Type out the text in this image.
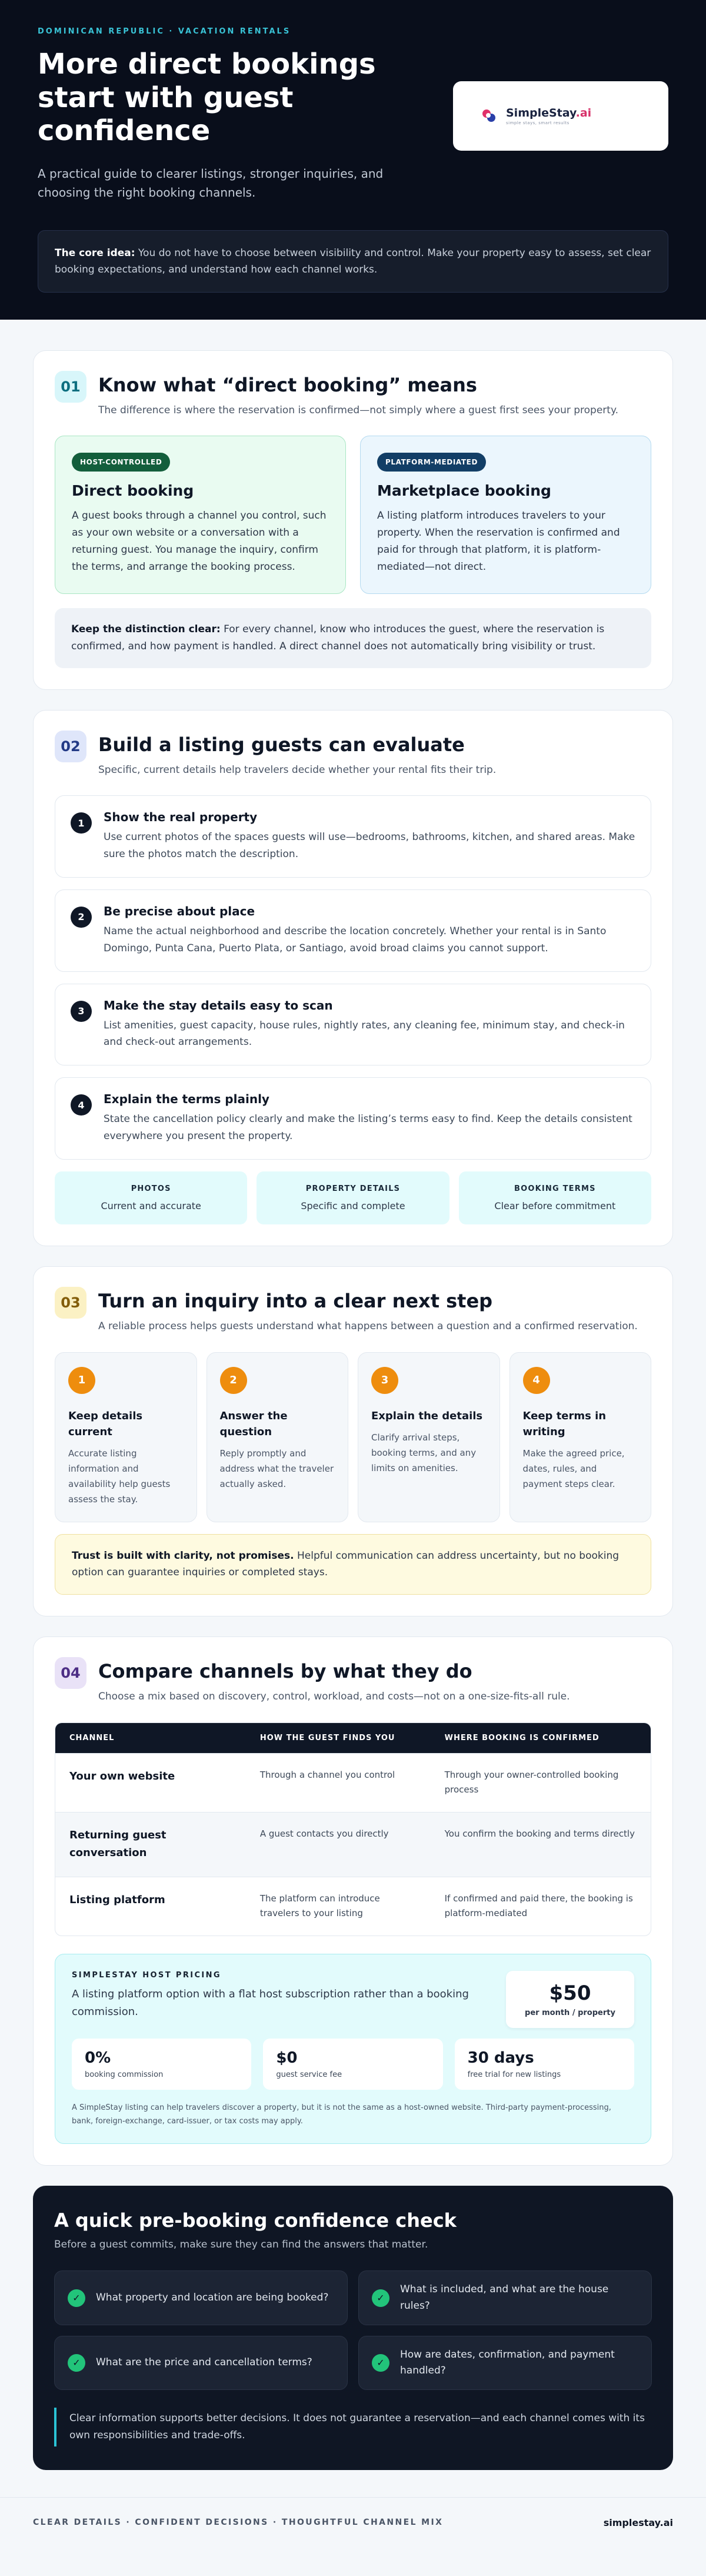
DOMINICAN REPUBLIC · VACATION RENTALS
More direct bookings start with guest confidence

A practical guide to clearer listings, stronger inquiries, and choosing the right booking channels.

SimpleStay.ai
simple stays, smart results
The core idea: You do not have to choose between visibility and control. Make your property easy to assess, set clear booking expectations, and understand how each channel works.
01 Know what “direct booking” means

The difference is where the reservation is confirmed—not simply where a guest first sees your property.

HOST-CONTROLLED
Direct booking

A guest books through a channel you control, such as your own website or a conversation with a returning guest. You manage the inquiry, confirm the terms, and arrange the booking process.

PLATFORM-MEDIATED
Marketplace booking

A listing platform introduces travelers to your property. When the reservation is confirmed and paid for through that platform, it is platform-mediated—not direct.

Keep the distinction clear: For every channel, know who introduces the guest, where the reservation is confirmed, and how payment is handled. A direct channel does not automatically bring visibility or trust.
02 Build a listing guests can evaluate

Specific, current details help travelers decide whether your rental fits their trip.

1	Show the real property
Use current photos of the spaces guests will use—bedrooms, bathrooms, kitchen, and shared areas. Make sure the photos match the description.
2	Be precise about place
Name the actual neighborhood and describe the location concretely. Whether your rental is in Santo Domingo, Punta Cana, Puerto Plata, or Santiago, avoid broad claims you cannot support.
3	Make the stay details easy to scan
List amenities, guest capacity, house rules, nightly rates, any cleaning fee, minimum stay, and check-in and check-out arrangements.
4	Explain the terms plainly
State the cancellation policy clearly and make the listing’s terms easy to find. Keep the details consistent everywhere you present the property.
PHOTOS
Current and accurate
PROPERTY DETAILS
Specific and complete
BOOKING TERMS
Clear before commitment
03 Turn an inquiry into a clear next step

A reliable process helps guests understand what happens between a question and a confirmed reservation.

1
Keep details current
Accurate listing information and availability help guests assess the stay.
2
Answer the question
Reply promptly and address what the traveler actually asked.
3
Explain the details
Clarify arrival steps, booking terms, and any limits on amenities.
4
Keep terms in writing
Make the agreed price, dates, rules, and payment steps clear.
Trust is built with clarity, not promises. Helpful communication can address uncertainty, but no booking option can guarantee inquiries or completed stays.
04 Compare channels by what they do

Choose a mix based on discovery, control, workload, and costs—not on a one-size-fits-all rule.

CHANNEL	HOW THE GUEST FINDS YOU	WHERE BOOKING IS CONFIRMED
Your own website	Through a channel you control	Through your owner-controlled booking process
Returning guest conversation	A guest contacts you directly	You confirm the booking and terms directly
Listing platform	The platform can introduce travelers to your listing	If confirmed and paid there, the booking is platform-mediated
SIMPLESTAY HOST PRICING
A listing platform option with a flat host subscription rather than a booking commission.
$50
per month / property
0%
booking commission
$0
guest service fee
30 days
free trial for new listings

A SimpleStay listing can help travelers discover a property, but it is not the same as a host-owned website. Third-party payment-processing, bank, foreign-exchange, card-issuer, or tax costs may apply.

A quick pre-booking confidence check

Before a guest commits, make sure they can find the answers that matter.

✓	What property and location are being booked?	✓
What is included, and what are the house rules?
✓	What are the price and cancellation terms?	✓
How are dates, confirmation, and payment handled?

Clear information supports better decisions. It does not guarantee a reservation—and each channel comes with its own responsibilities and trade-offs.

CLEAR DETAILS · CONFIDENT DECISIONS · THOUGHTFUL CHANNEL MIX	simplestay.ai
